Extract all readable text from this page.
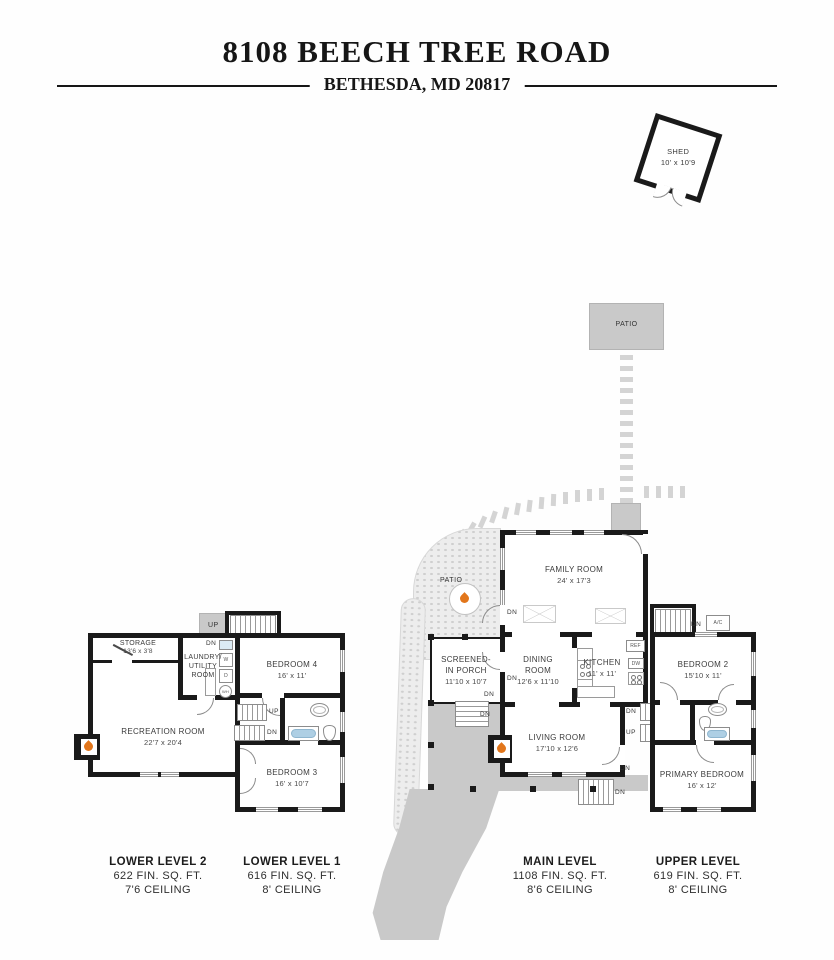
8108 BEECH TREE ROAD
BETHESDA, MD 20817
SHED
10' x 10'9
PATIO
REF
DW
FAMILY ROOM
24' x 17'3
SCREENED-IN PORCH
11'10 x 10'7
DINING ROOM
12'6 x 11'10
KITCHEN
11' x 11'
LIVING ROOM
17'10 x 12'6
PATIO
DN
DN
DN
DN
DN
DN
DN
UP
A/C
DN
BEDROOM 2
15'10 x 11'
PRIMARY BEDROOM
16' x 12'
UP
W
D
WH
DN
UP
DN
STORAGE
13'6 x 3'8
LAUNDRY/ UTILITY ROOM
RECREATION ROOM
22'7 x 20'4
BEDROOM 4
16' x 11'
BEDROOM 3
16' x 10'7
LOWER LEVEL 2
622 FIN. SQ. FT.
7'6 CEILING
LOWER LEVEL 1
616 FIN. SQ. FT.
8' CEILING
MAIN LEVEL
1108 FIN. SQ. FT.
8'6 CEILING
UPPER LEVEL
619 FIN. SQ. FT.
8' CEILING
